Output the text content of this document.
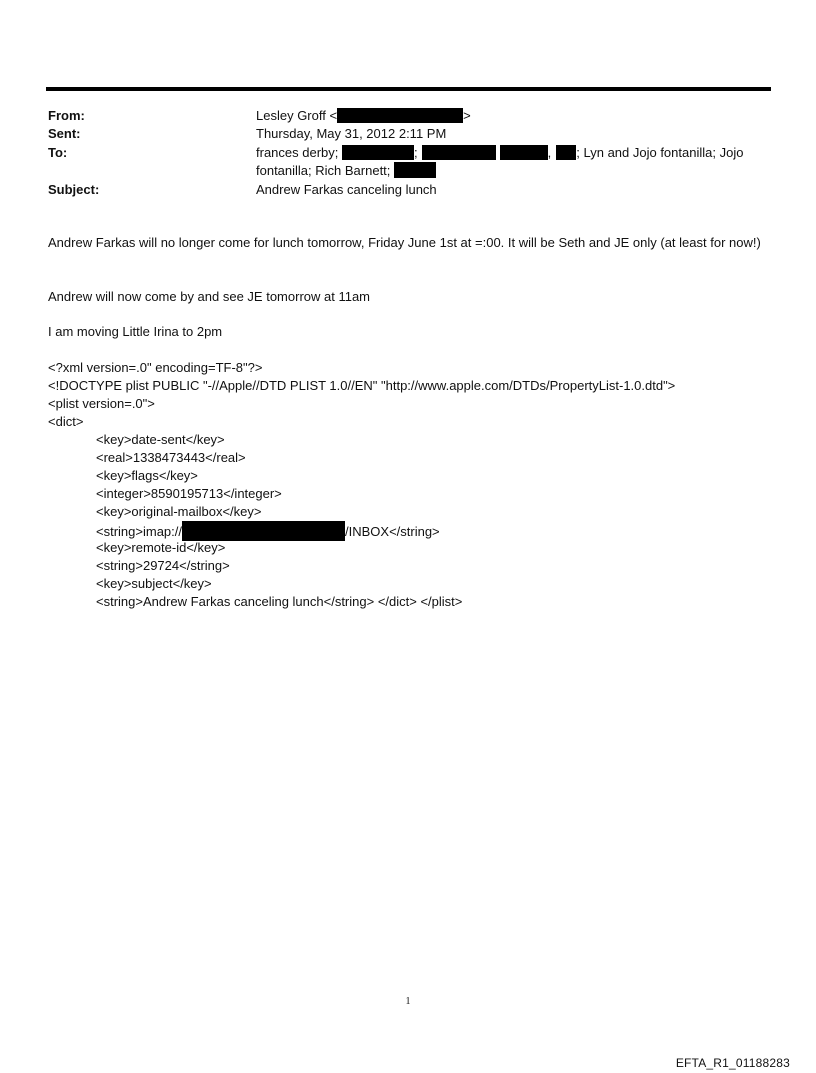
From:	Lesley Groff <	>
Sent:	Thursday, May 31, 2012 2:11 PM
To:	frances derby;	;	, ; Lyn and Jojo fontanilla; Jojo
fontanilla; Rich Barnett;
Subject:	Andrew Farkas canceling lunch
Andrew Farkas will no longer come for lunch tomorrow, Friday June 1st at =:00. It will be Seth and JE only (at least for now!)
Andrew will now come by and see JE tomorrow at 11am
I am moving Little Irina to 2pm
<?xml version=.0" encoding=TF-8"?>
<!DOCTYPE plist PUBLIC "-//Apple//DTD PLIST 1.0//EN" "http://www.apple.com/DTDs/PropertyList-1.0.dtd">
<plist version=.0">
<dict>
<key>date-sent</key>
<real>1338473443</real>
<key>flags</key>
<integer>8590195713</integer>
<key>original-mailbox</key>
<string>imap://	/INBOX</string>
<key>remote-id</key>
<string>29724</string>
<key>subject</key>
<string>Andrew Farkas canceling lunch</string> </dict> </plist>
1
EFTA_R1_01188283
